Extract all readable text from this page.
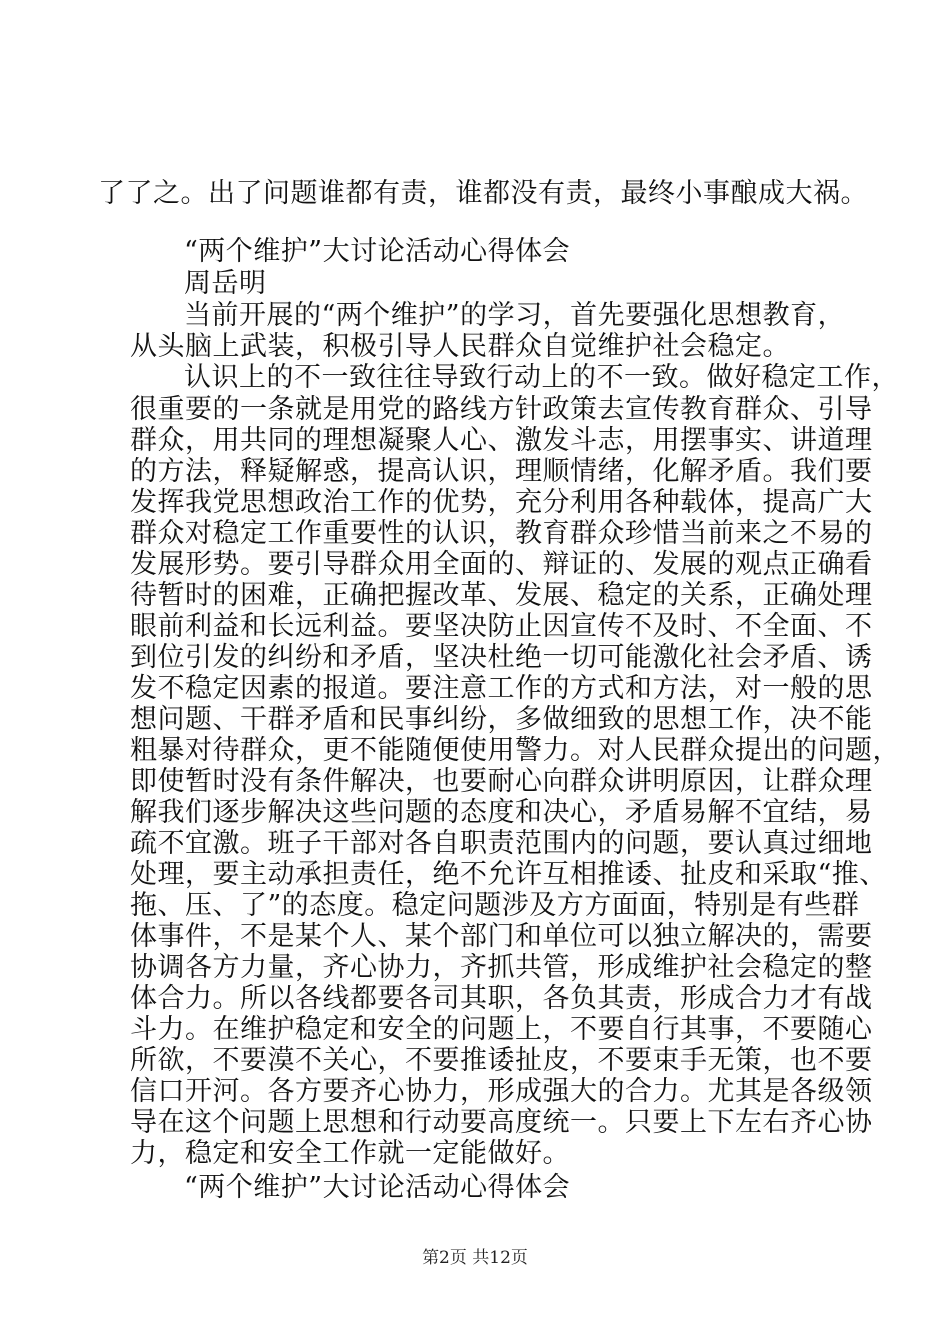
了了之。出了问题谁都有责，谁都没有责，最终小事酿成大祸。
“两个维护”大讨论活动心得体会
周岳明
当前开展的“两个维护”的学习，首先要强化思想教育，
从头脑上武装，积极引导人民群众自觉维护社会稳定。
认识上的不一致往往导致行动上的不一致。做好稳定工作，
很重要的一条就是用党的路线方针政策去宣传教育群众、引导
群众，用共同的理想凝聚人心、激发斗志，用摆事实、讲道理
的方法，释疑解惑，提高认识，理顺情绪，化解矛盾。我们要
发挥我党思想政治工作的优势，充分利用各种载体，提高广大
群众对稳定工作重要性的认识，教育群众珍惜当前来之不易的
发展形势。要引导群众用全面的、辩证的、发展的观点正确看
待暂时的困难，正确把握改革、发展、稳定的关系，正确处理
眼前利益和长远利益。要坚决防止因宣传不及时、不全面、不
到位引发的纠纷和矛盾，坚决杜绝一切可能激化社会矛盾、诱
发不稳定因素的报道。要注意工作的方式和方法，对一般的思
想问题、干群矛盾和民事纠纷，多做细致的思想工作，决不能
粗暴对待群众，更不能随便使用警力。对人民群众提出的问题，
即使暂时没有条件解决，也要耐心向群众讲明原因，让群众理
解我们逐步解决这些问题的态度和决心，矛盾易解不宜结，易
疏不宜激。班子干部对各自职责范围内的问题，要认真过细地
处理，要主动承担责任，绝不允许互相推诿、扯皮和采取“推、
拖、压、了”的态度。稳定问题涉及方方面面，特别是有些群
体事件，不是某个人、某个部门和单位可以独立解决的，需要
协调各方力量，齐心协力，齐抓共管，形成维护社会稳定的整
体合力。所以各线都要各司其职，各负其责，形成合力才有战
斗力。在维护稳定和安全的问题上，不要自行其事，不要随心
所欲，不要漠不关心，不要推诿扯皮，不要束手无策，也不要
信口开河。各方要齐心协力，形成强大的合力。尤其是各级领
导在这个问题上思想和行动要高度统一。只要上下左右齐心协
力，稳定和安全工作就一定能做好。
“两个维护”大讨论活动心得体会
第2页 共12页
